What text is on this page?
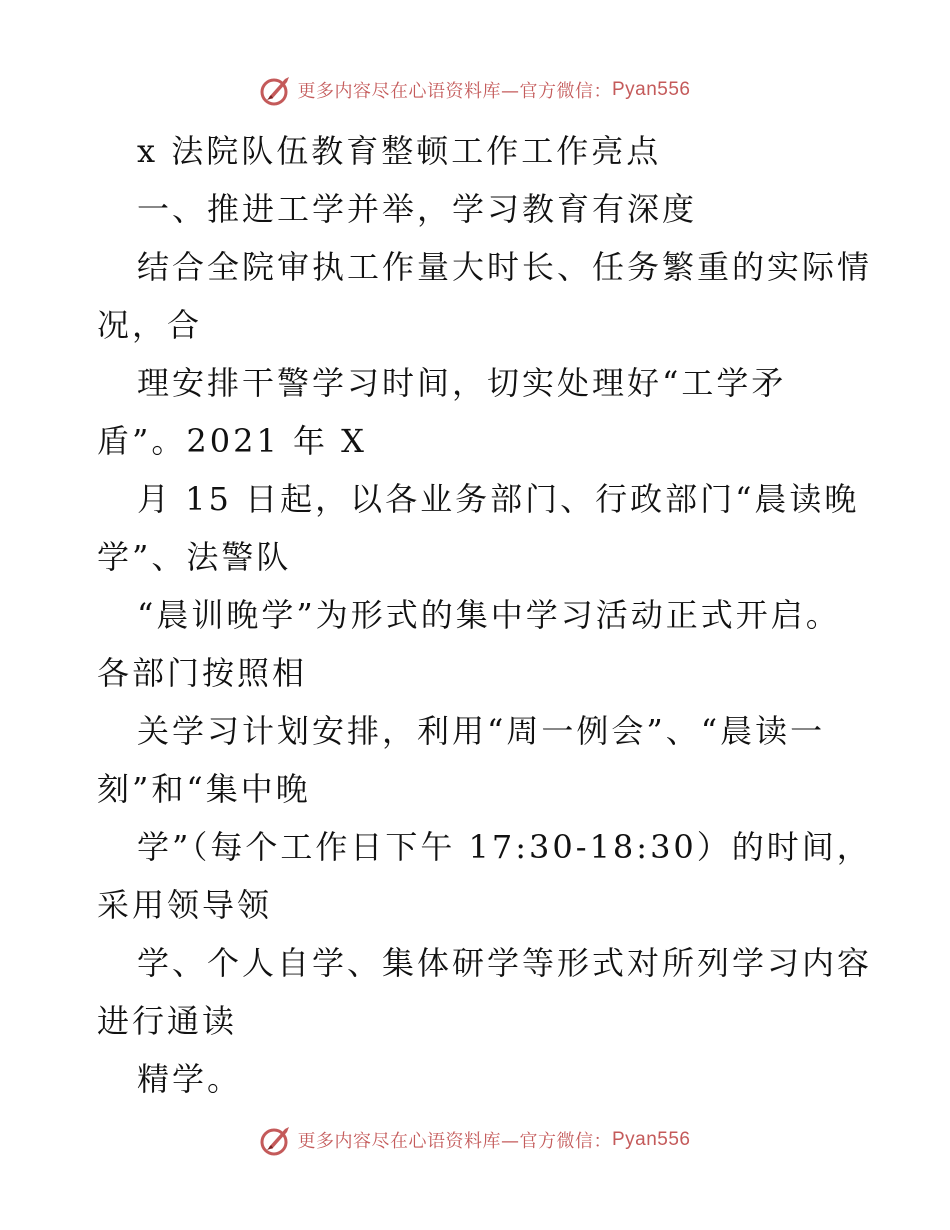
更多内容尽在心语资料库—官方微信： Pyan556
x 法院队伍教育整顿工作工作亮点
一、推进工学并举，学习教育有深度
结合全院审执工作量大时长、任务繁重的实际情
况，合
理安排干警学习时间，切实处理好“工学矛
盾”。2021 年 X
月 15 日起，以各业务部门、行政部门“晨读晚
学”、法警队
“晨训晚学”为形式的集中学习活动正式开启。
各部门按照相
关学习计划安排，利用“周一例会”、“晨读一
刻”和“集中晚
学”（每个工作日下午 17:30-18:30）的时间，
采用领导领
学、个人自学、集体研学等形式对所列学习内容
进行通读
精学。
更多内容尽在心语资料库—官方微信： Pyan556
